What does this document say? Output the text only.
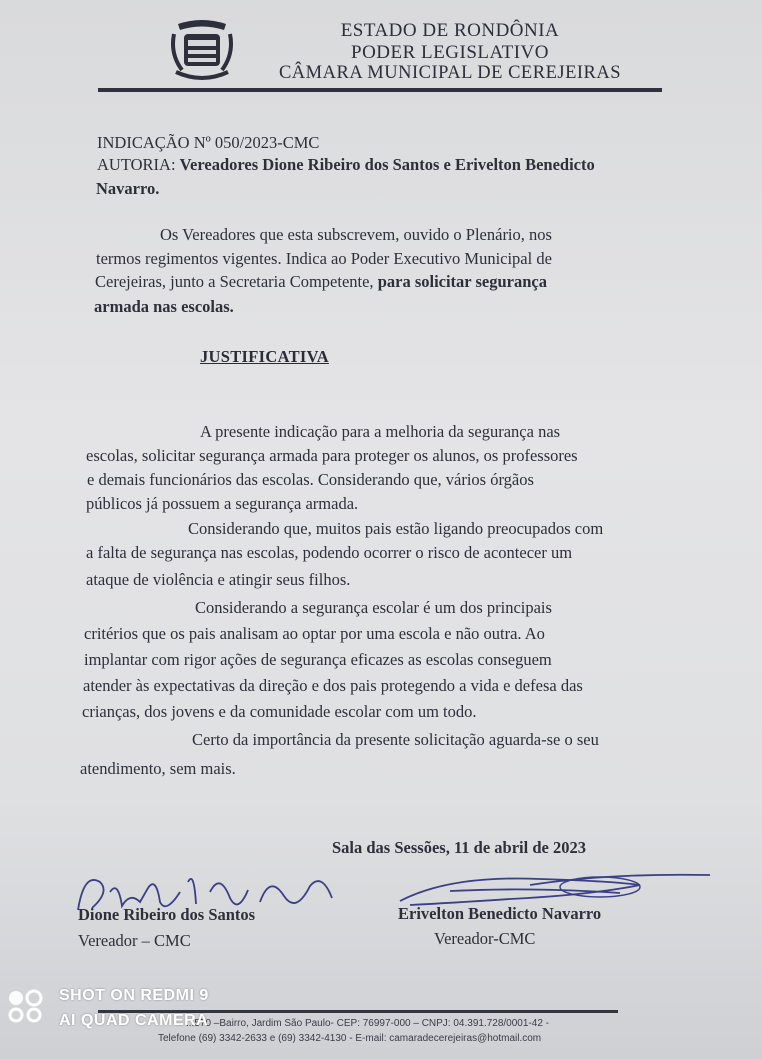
ESTADO DE RONDÔNIA
PODER LEGISLATIVO
CÂMARA MUNICIPAL DE CEREJEIRAS
INDICAÇÃO Nº 050/2023-CMC
AUTORIA: Vereadores Dione Ribeiro dos Santos e Erivelton Benedicto
Navarro.
Os Vereadores que esta subscrevem, ouvido o Plenário, nos
termos regimentos vigentes. Indica ao Poder Executivo Municipal de
Cerejeiras, junto a Secretaria Competente, para solicitar segurança
armada nas escolas.
JUSTIFICATIVA
A presente indicação para a melhoria da segurança nas
escolas, solicitar segurança armada para proteger os alunos, os professores
e demais funcionários das escolas. Considerando que, vários órgãos
públicos já possuem a segurança armada.
Considerando que, muitos pais estão ligando preocupados com
a falta de segurança nas escolas, podendo ocorrer o risco de acontecer um
ataque de violência e atingir seus filhos.
Considerando a segurança escolar é um dos principais
critérios que os pais analisam ao optar por uma escola e não outra. Ao
implantar com rigor ações de segurança eficazes as escolas conseguem
atender às expectativas da direção e dos pais protegendo a vida e defesa das
crianças, dos jovens e da comunidade escolar com um todo.
Certo da importância da presente solicitação aguarda-se o seu
atendimento, sem mais.
Sala das Sessões, 11 de abril de 2023
Dione Ribeiro dos Santos
Vereador – CMC
Erivelton Benedicto Navarro
Vereador-CMC
...570 –Bairro, Jardim São Paulo- CEP: 76997-000 – CNPJ: 04.391.728/0001-42 -
Telefone (69) 3342-2633 e (69) 3342-4130 - E-mail: camaradecerejeiras@hotmail.com
SHOT ON REDMI 9
AI QUAD CAMERA
